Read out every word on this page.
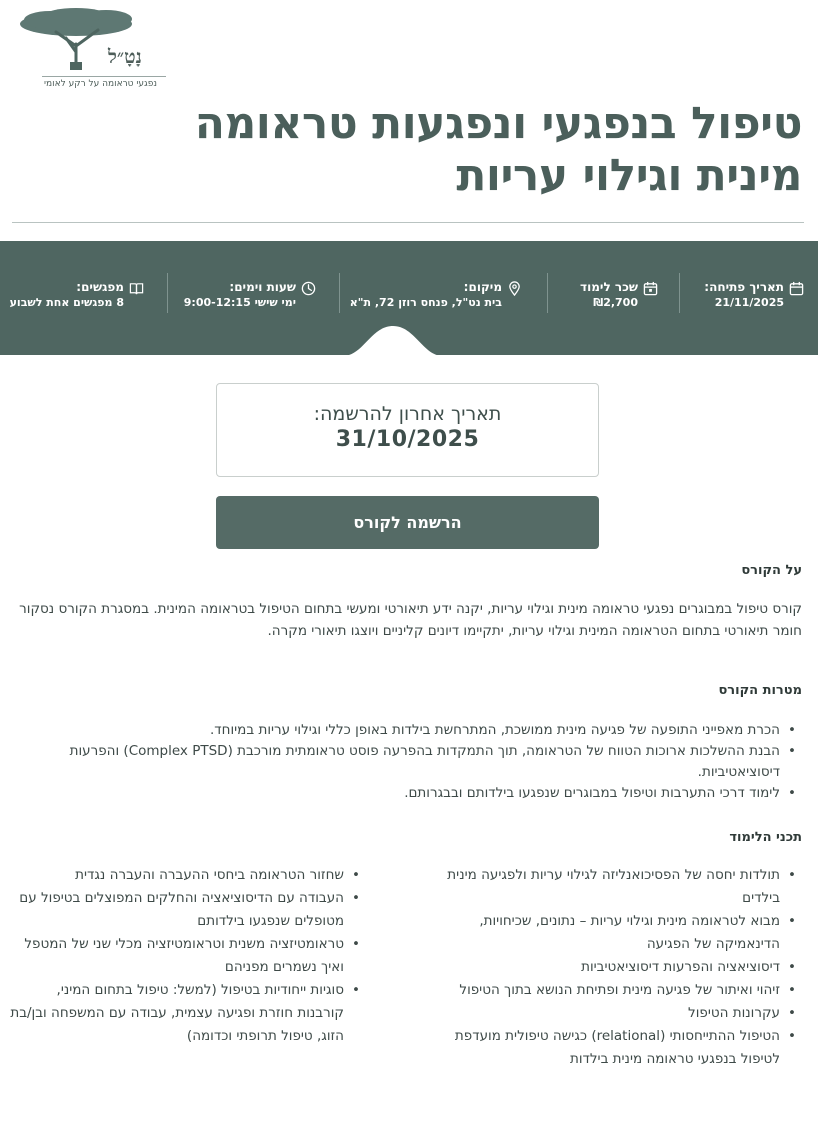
נָטָ״ל
נפגעי טראומה על רקע לאומי
טיפול בנפגעי ונפגעות טראומה
מינית וגילוי עריות
תאריך פתיחה:
21/11/2025
שכר לימוד
₪2,700
מיקום:
בית נט"ל, פנחס רוזן 72, ת"א
שעות וימים:
ימי שישי 9:00-12:15
מפגשים:
8 מפגשים אחת לשבוע
תאריך אחרון להרשמה:
31/10/2025
הרשמה לקורס
על הקורס

קורס טיפול במבוגרים נפגעי טראומה מינית וגילוי עריות, יקנה ידע תיאורטי ומעשי בתחום הטיפול בטראומה המינית. במסגרת הקורס נסקור חומר תיאורטי בתחום הטראומה המינית וגילוי עריות, יתקיימו דיונים קליניים ויוצגו תיאורי מקרה.

מטרות הקורס
• הכרת מאפייני התופעה של פגיעה מינית ממושכת, המתרחשת בילדות באופן כללי וגילוי עריות במיוחד.
• הבנת ההשלכות ארוכות הטווח של הטראומה, תוך התמקדות בהפרעה פוסט טראומתית מורכבת (Complex PTSD) והפרעות דיסוציאטיביות.
• לימוד דרכי התערבות וטיפול במבוגרים שנפגעו בילדותם ובבגרותם.
תכני הלימוד
• תולדות יחסה של הפסיכואנליזה לגילוי עריות ולפגיעה מינית בילדים
• מבוא לטראומה מינית וגילוי עריות – נתונים, שכיחויות, הדינאמיקה של הפגיעה
• דיסוציאציה והפרעות דיסוציאטיביות
• זיהוי ואיתור של פגיעה מינית ופתיחת הנושא בתוך הטיפול
• עקרונות הטיפול
• הטיפול ההתייחסותי (relational) כגישה טיפולית מועדפת לטיפול בנפגעי טראומה מינית בילדות
• שחזור הטראומה ביחסי ההעברה והעברה נגדית
• העבודה עם הדיסוציאציה והחלקים המפוצלים בטיפול עם מטופלים שנפגעו בילדותם
• טראומטיזציה משנית וטראומטיזציה מכלי שני של המטפל ואיך נשמרים מפניהם
• סוגיות ייחודיות בטיפול (למשל: טיפול בתחום המיני, קורבנות חוזרת ופגיעה עצמית, עבודה עם המשפחה ובן/בת הזוג, טיפול תרופתי וכדומה)
